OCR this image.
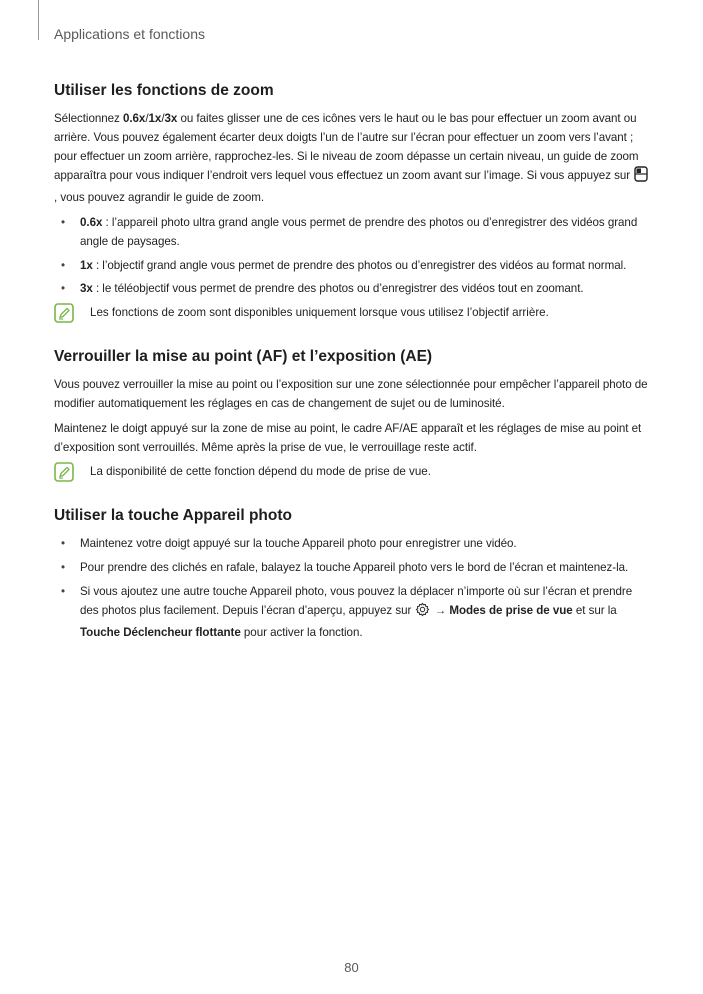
Applications et fonctions
Utiliser les fonctions de zoom

Sélectionnez 0.6x/1x/3x ou faites glisser une de ces icônes vers le haut ou le bas pour effectuer un zoom avant ou arrière. Vous pouvez également écarter deux doigts l’un de l’autre sur l’écran pour effectuer un zoom vers l’avant ; pour effectuer un zoom arrière, rapprochez-les. Si le niveau de zoom dépasse un certain niveau, un guide de zoom apparaîtra pour vous indiquer l’endroit vers lequel vous effectuez un zoom avant sur l’image. Si vous appuyez sur , vous pouvez agrandir le guide de zoom.

• 0.6x : l’appareil photo ultra grand angle vous permet de prendre des photos ou d’enregistrer des vidéos grand angle de paysages.
• 1x : l’objectif grand angle vous permet de prendre des photos ou d’enregistrer des vidéos au format normal.
• 3x : le téléobjectif vous permet de prendre des photos ou d’enregistrer des vidéos tout en zoomant.
Les fonctions de zoom sont disponibles uniquement lorsque vous utilisez l’objectif arrière.
Verrouiller la mise au point (AF) et l’exposition (AE)

Vous pouvez verrouiller la mise au point ou l’exposition sur une zone sélectionnée pour empêcher l’appareil photo de modifier automatiquement les réglages en cas de changement de sujet ou de luminosité.

Maintenez le doigt appuyé sur la zone de mise au point, le cadre AF/AE apparaît et les réglages de mise au point et d’exposition sont verrouillés. Même après la prise de vue, le verrouillage reste actif.

La disponibilité de cette fonction dépend du mode de prise de vue.
Utiliser la touche Appareil photo
• Maintenez votre doigt appuyé sur la touche Appareil photo pour enregistrer une vidéo.
• Pour prendre des clichés en rafale, balayez la touche Appareil photo vers le bord de l’écran et maintenez-la.
• Si vous ajoutez une autre touche Appareil photo, vous pouvez la déplacer n’importe où sur l’écran et prendre des photos plus facilement. Depuis l’écran d’aperçu, appuyez sur  → Modes de prise de vue et sur la Touche Déclencheur flottante pour activer la fonction.
80
